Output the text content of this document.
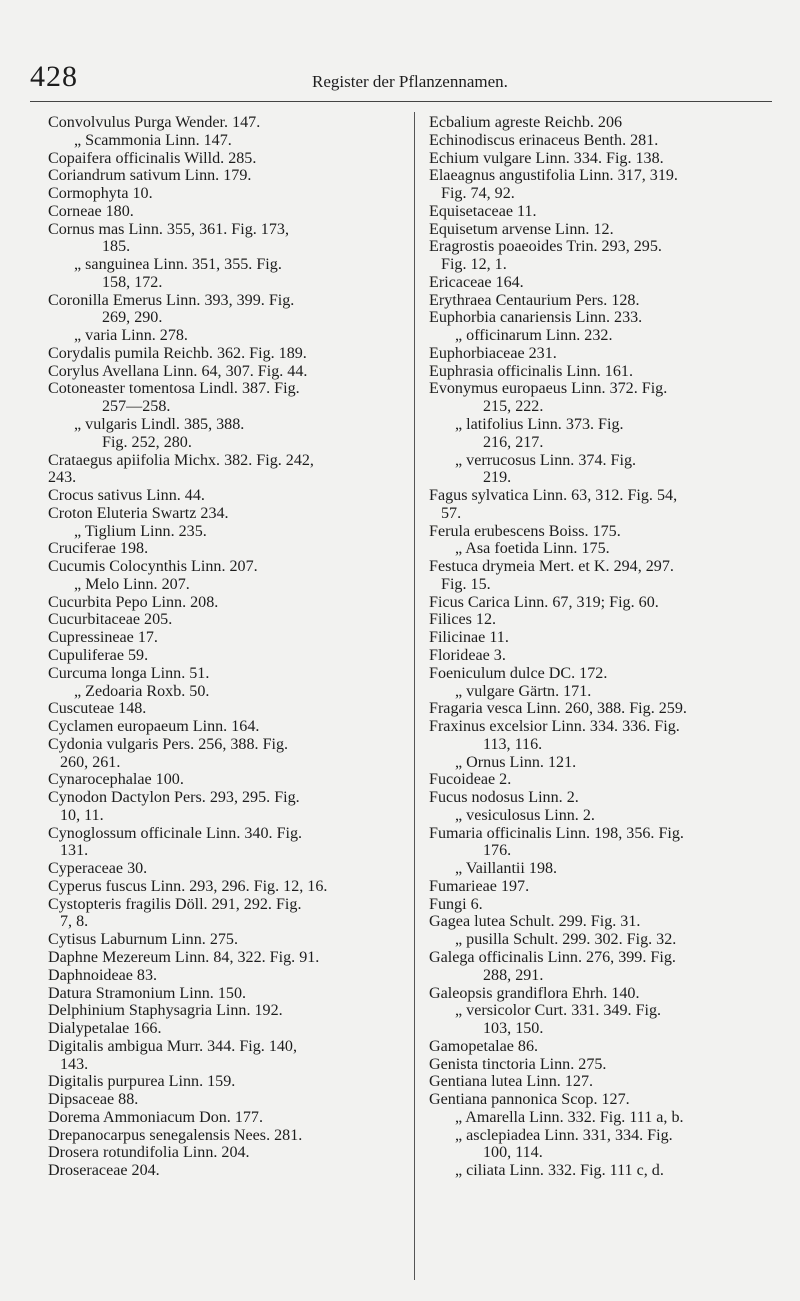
428	Register der Pflanzennamen.
Convolvulus Purga Wender. 147.
„ Scammonia Linn. 147.
Copaifera officinalis Willd. 285.
Coriandrum sativum Linn. 179.
Cormophyta 10.
Corneae 180.
Cornus mas Linn. 355, 361. Fig. 173,
185.
„ sanguinea Linn. 351, 355. Fig.
158, 172.
Coronilla Emerus Linn. 393, 399. Fig.
269, 290.
„ varia Linn. 278.
Corydalis pumila Reichb. 362. Fig. 189.
Corylus Avellana Linn. 64, 307. Fig. 44.
Cotoneaster tomentosa Lindl. 387. Fig.
257—258.
„ vulgaris Lindl. 385, 388.
Fig. 252, 280.
Crataegus apiifolia Michx. 382. Fig. 242,
243.
Crocus sativus Linn. 44.
Croton Eluteria Swartz 234.
„ Tiglium Linn. 235.
Cruciferae 198.
Cucumis Colocynthis Linn. 207.
„ Melo Linn. 207.
Cucurbita Pepo Linn. 208.
Cucurbitaceae 205.
Cupressineae 17.
Cupuliferae 59.
Curcuma longa Linn. 51.
„ Zedoaria Roxb. 50.
Cuscuteae 148.
Cyclamen europaeum Linn. 164.
Cydonia vulgaris Pers. 256, 388. Fig.
260, 261.
Cynarocephalae 100.
Cynodon Dactylon Pers. 293, 295. Fig.
10, 11.
Cynoglossum officinale Linn. 340. Fig.
131.
Cyperaceae 30.
Cyperus fuscus Linn. 293, 296. Fig. 12, 16.
Cystopteris fragilis Döll. 291, 292. Fig.
7, 8.
Cytisus Laburnum Linn. 275.
Daphne Mezereum Linn. 84, 322. Fig. 91.
Daphnoideae 83.
Datura Stramonium Linn. 150.
Delphinium Staphysagria Linn. 192.
Dialypetalae 166.
Digitalis ambigua Murr. 344. Fig. 140,
143.
Digitalis purpurea Linn. 159.
Dipsaceae 88.
Dorema Ammoniacum Don. 177.
Drepanocarpus senegalensis Nees. 281.
Drosera rotundifolia Linn. 204.
Droseraceae 204.
Ecbalium agreste Reichb. 206
Echinodiscus erinaceus Benth. 281.
Echium vulgare Linn. 334. Fig. 138.
Elaeagnus angustifolia Linn. 317, 319.
Fig. 74, 92.
Equisetaceae 11.
Equisetum arvense Linn. 12.
Eragrostis poaeoides Trin. 293, 295.
Fig. 12, 1.
Ericaceae 164.
Erythraea Centaurium Pers. 128.
Euphorbia canariensis Linn. 233.
„ officinarum Linn. 232.
Euphorbiaceae 231.
Euphrasia officinalis Linn. 161.
Evonymus europaeus Linn. 372. Fig.
215, 222.
„ latifolius Linn. 373. Fig.
216, 217.
„ verrucosus Linn. 374. Fig.
219.
Fagus sylvatica Linn. 63, 312. Fig. 54,
57.
Ferula erubescens Boiss. 175.
„ Asa foetida Linn. 175.
Festuca drymeia Mert. et K. 294, 297.
Fig. 15.
Ficus Carica Linn. 67, 319; Fig. 60.
Filices 12.
Filicinae 11.
Florideae 3.
Foeniculum dulce DC. 172.
„ vulgare Gärtn. 171.
Fragaria vesca Linn. 260, 388. Fig. 259.
Fraxinus excelsior Linn. 334. 336. Fig.
113, 116.
„ Ornus Linn. 121.
Fucoideae 2.
Fucus nodosus Linn. 2.
„ vesiculosus Linn. 2.
Fumaria officinalis Linn. 198, 356. Fig.
176.
„ Vaillantii 198.
Fumarieae 197.
Fungi 6.
Gagea lutea Schult. 299. Fig. 31.
„ pusilla Schult. 299. 302. Fig. 32.
Galega officinalis Linn. 276, 399. Fig.
288, 291.
Galeopsis grandiflora Ehrh. 140.
„ versicolor Curt. 331. 349. Fig.
103, 150.
Gamopetalae 86.
Genista tinctoria Linn. 275.
Gentiana lutea Linn. 127.
Gentiana pannonica Scop. 127.
„ Amarella Linn. 332. Fig. 111 a, b.
„ asclepiadea Linn. 331, 334. Fig.
100, 114.
„ ciliata Linn. 332. Fig. 111 c, d.
